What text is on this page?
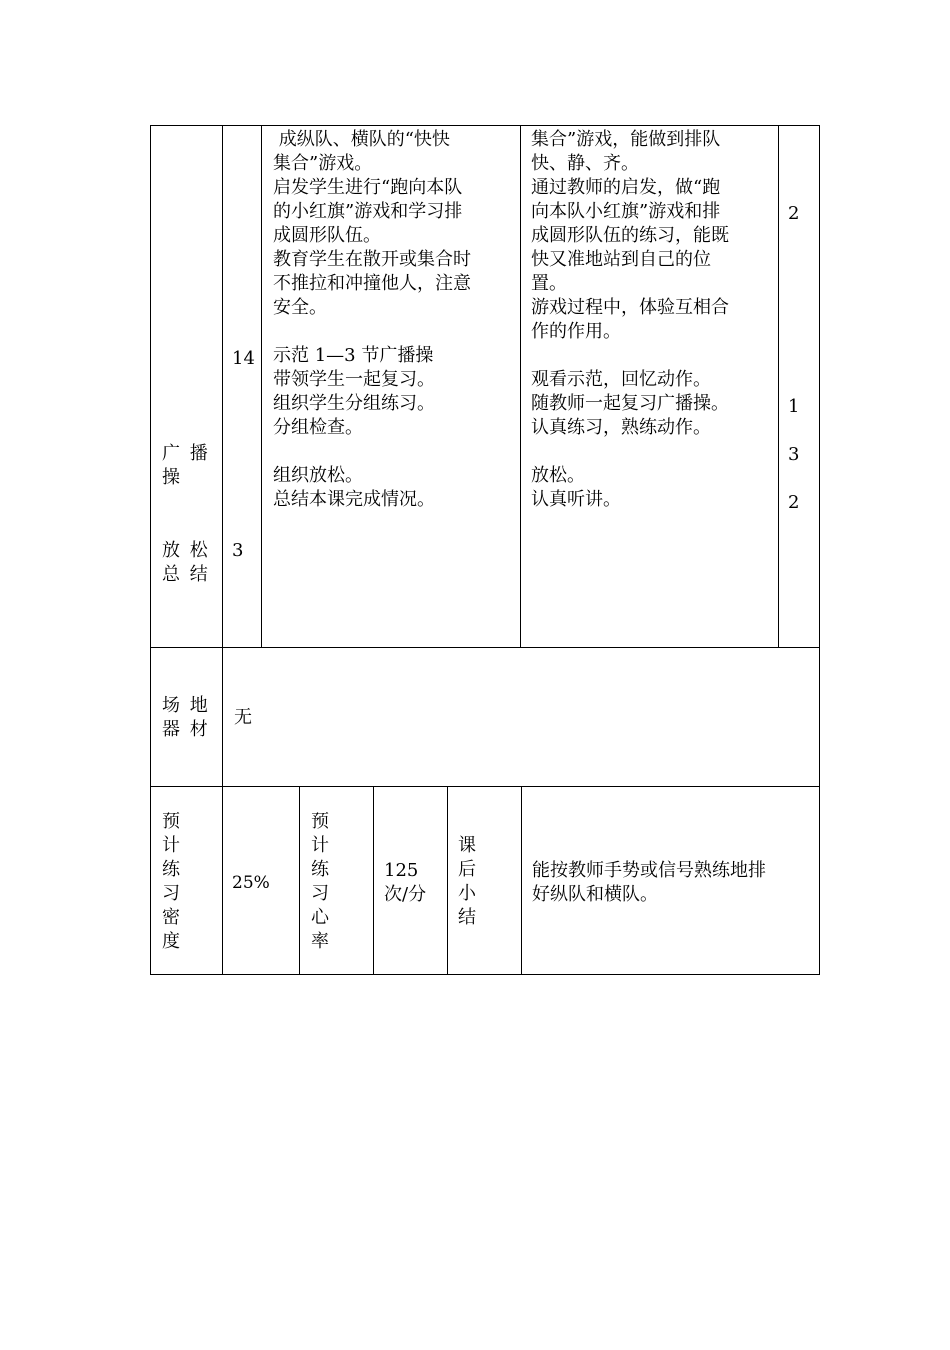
广 播
操
放 松
总 结
14
3
成纵队、横队的“快快
集合”游戏。
启发学生进行“跑向本队
的小红旗”游戏和学习排
成圆形队伍。
教育学生在散开或集合时
不推拉和冲撞他人，注意
安全。
示范 1—3 节广播操
带领学生一起复习。
组织学生分组练习。
分组检查。
组织放松。
总结本课完成情况。
集合”游戏，能做到排队
快、静、齐。
通过教师的启发，做“跑
向本队小红旗”游戏和排
成圆形队伍的练习，能既
快又准地站到自己的位
置。
游戏过程中，体验互相合
作的作用。
观看示范，回忆动作。
随教师一起复习广播操。
认真练习，熟练动作。
放松。
认真听讲。
2
1
3
2
场 地
器 材
无
预
计
练
习
密
度
25%
预
计
练
习
心
率
125
次/分
课
后
小
结
能按教师手势或信号熟练地排
好纵队和横队。
